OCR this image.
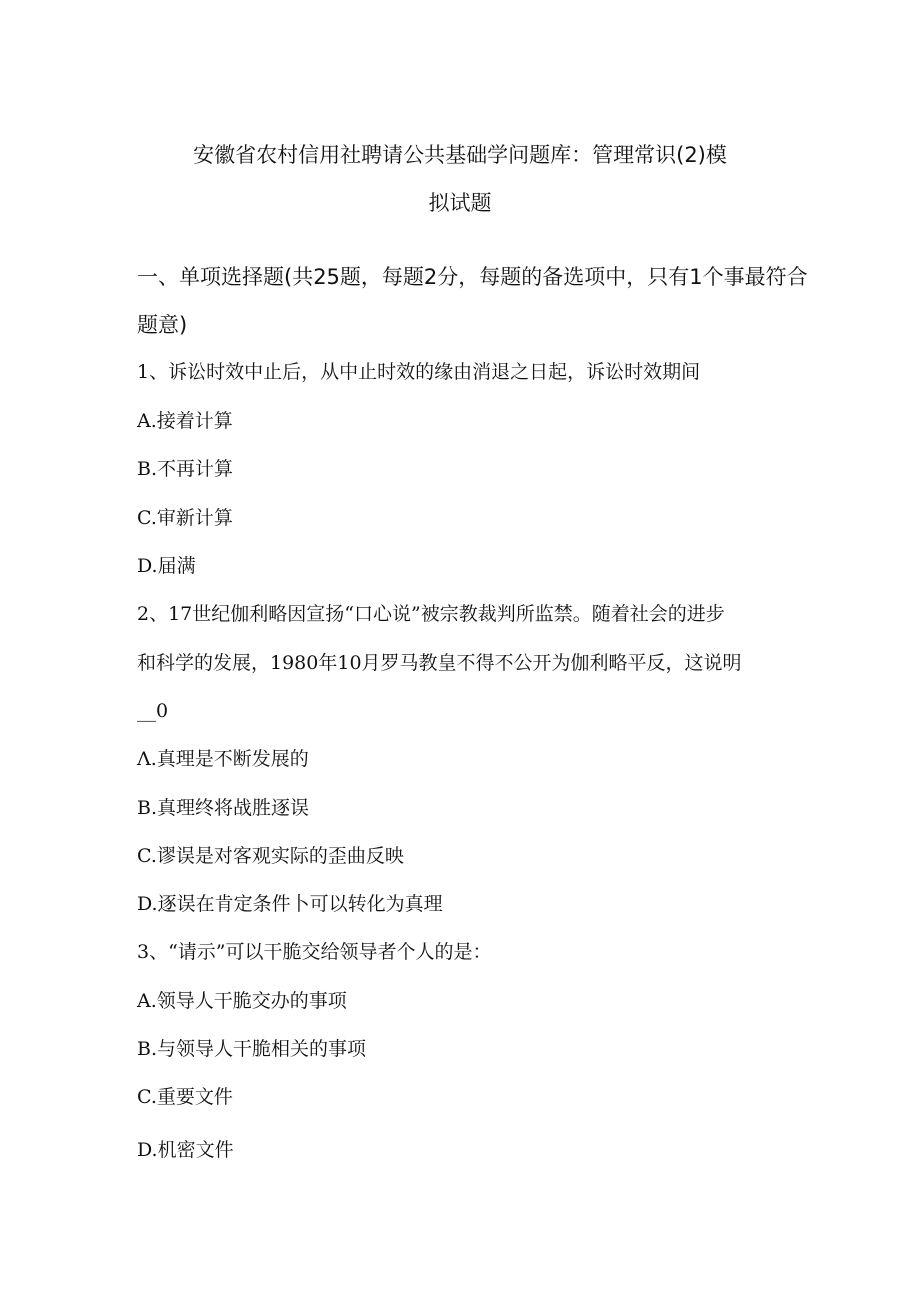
安徽省农村信用社聘请公共基础学问题库：管理常识(2)模
拟试题
一、单项选择题(共25题，每题2分，每题的备选项中，只有1个事最符合
题意)
1、诉讼时效中止后，从中止时效的缘由消退之日起，诉讼时效期间
A.接着计算
B.不再计算
C.审新计算
D.届满
2、17世纪伽利略因宣扬“口心说”被宗教裁判所监禁。随着社会的进步
和科学的发展，1980年10月罗马教皇不得不公开为伽利略平反，这说明
__0
Λ.真理是不断发展的
B.真理终将战胜逐误
C.谬误是对客观实际的歪曲反映
D.逐误在肯定条件卜可以转化为真理
3、“请示”可以干脆交给领导者个人的是：
A.领导人干脆交办的事项
B.与领导人干脆相关的事项
C.重要文件
D.机密文件
